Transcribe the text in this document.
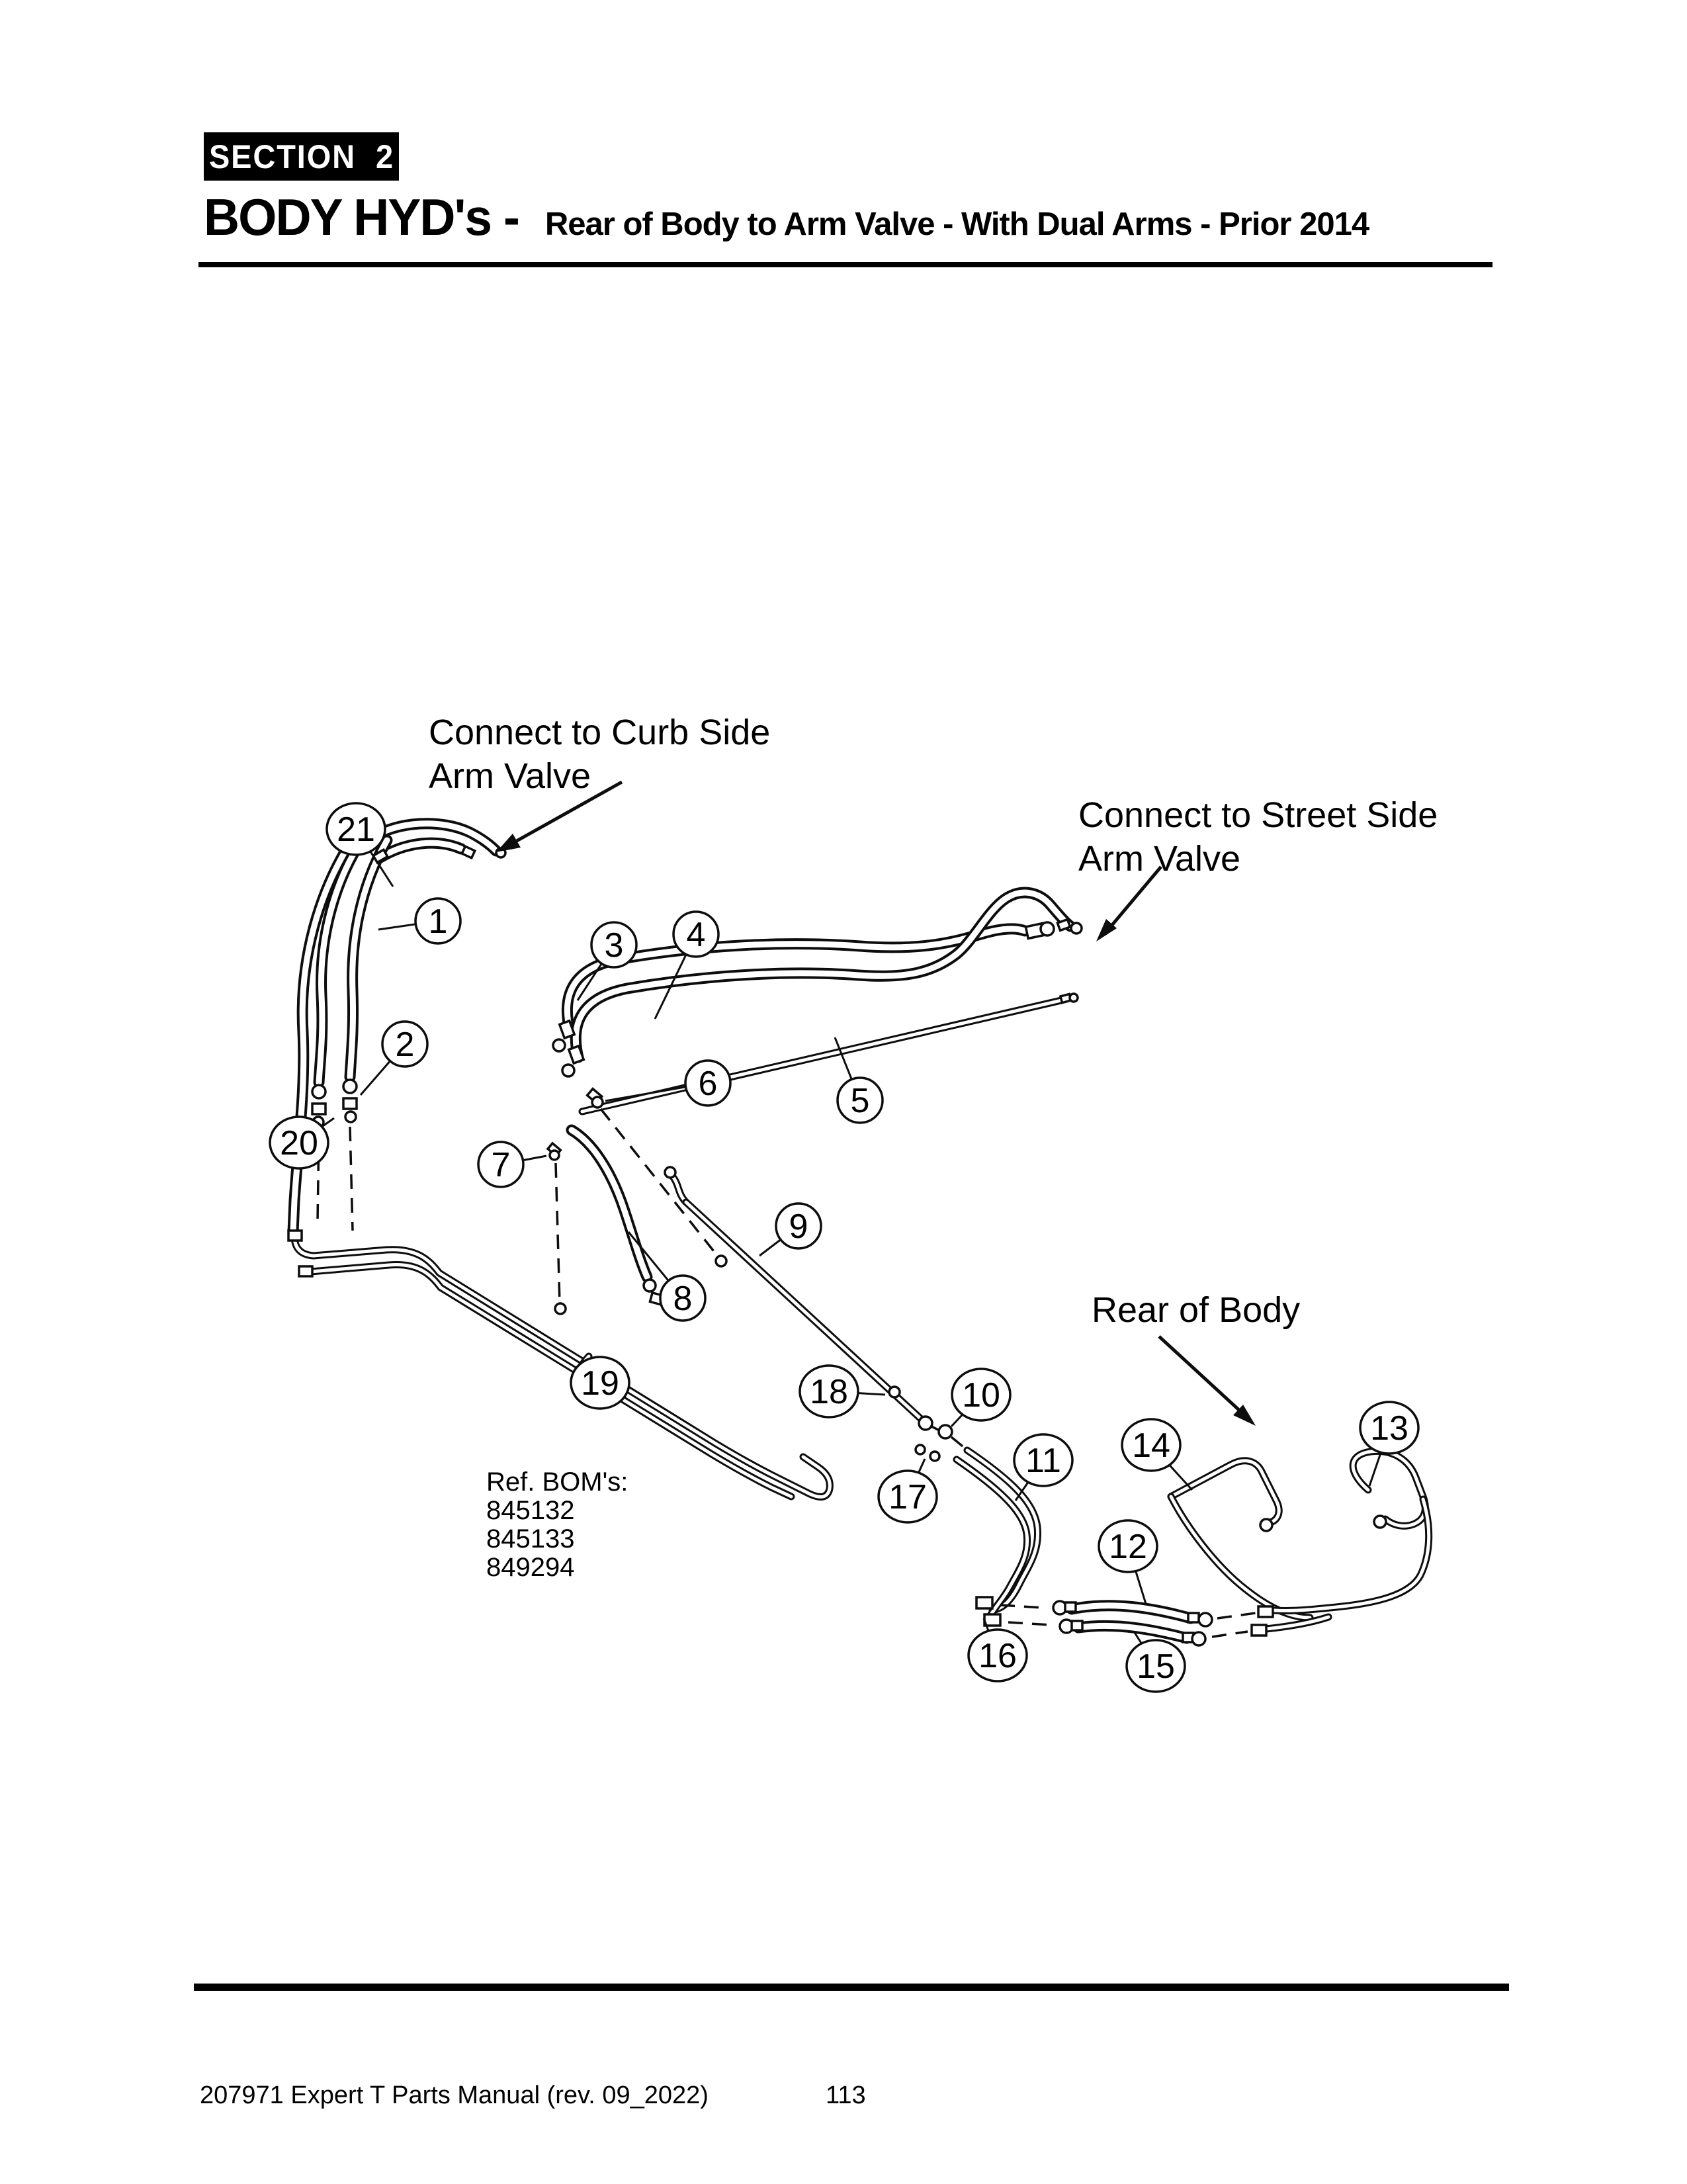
SECTION 2
BODY HYD's - Rear of Body to Arm Valve - With Dual Arms - Prior 2014
Connect to Curb Side Arm Valve
Connect to Street Side Arm Valve
Rear of Body
Ref. BOM's: 845132 845133 849294
1
2
3 4
5
6
7
8
9
10
11
12
13
14
15
16
17
18
19
20
21
207971 Expert T Parts Manual (rev. 09_2022)	113
